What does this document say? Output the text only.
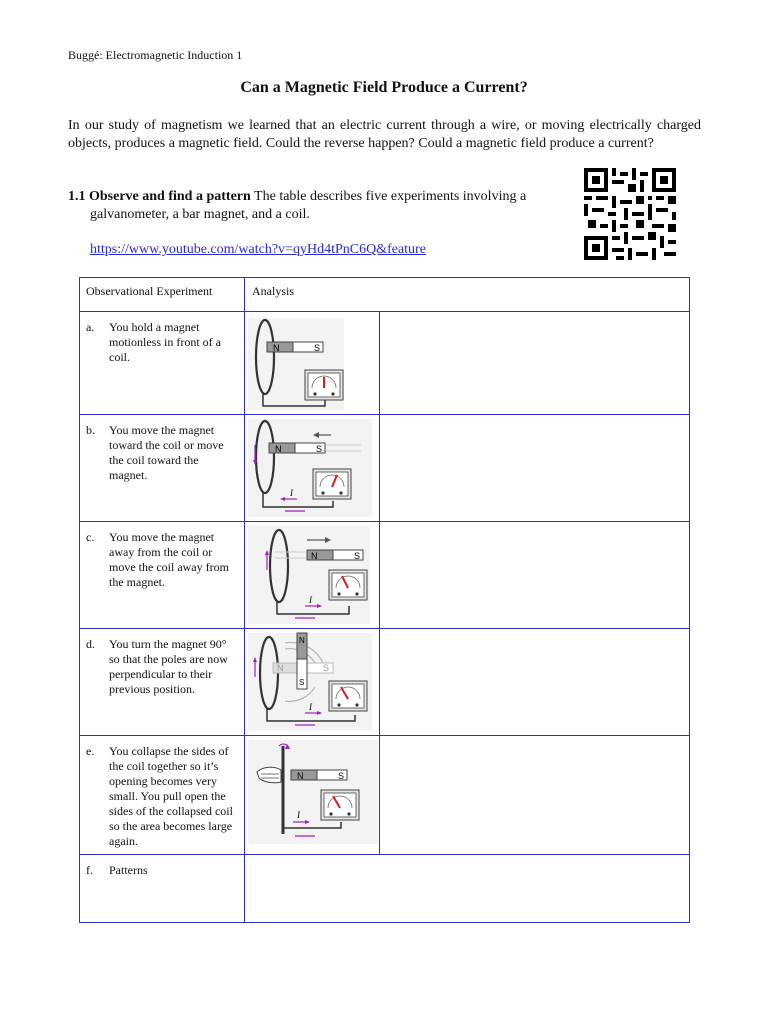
Buggé: Electromagnetic Induction 1
Can a Magnetic Field Produce a Current?
In our study of magnetism we learned that an electric current through a wire, or moving electrically charged objects, produces a magnetic field. Could the reverse happen? Could a magnetic field produce a current?
1.1 Observe and find a pattern The table describes five experiments involving a
galvanometer, a bar magnet, and a coil.
https://www.youtube.com/watch?v=qyHd4tPnC6Q&feature
Observational Experiment	Analysis

a. You hold a magnet motionless in front of a coil.	N S

b. You move the magnet toward the coil or move the coil toward the magnet.	I
N S

c. You move the magnet away from the coil or move the coil away from the magnet.	I
N S

d. You turn the magnet 90° so that the poles are now perpendicular to their previous position.	N S
N
S
I

e. You collapse the sides of the coil together so it’s opening becomes very small. You pull open the sides of the collapsed coil so the area becomes large again.	N S
I

f. Patterns	
